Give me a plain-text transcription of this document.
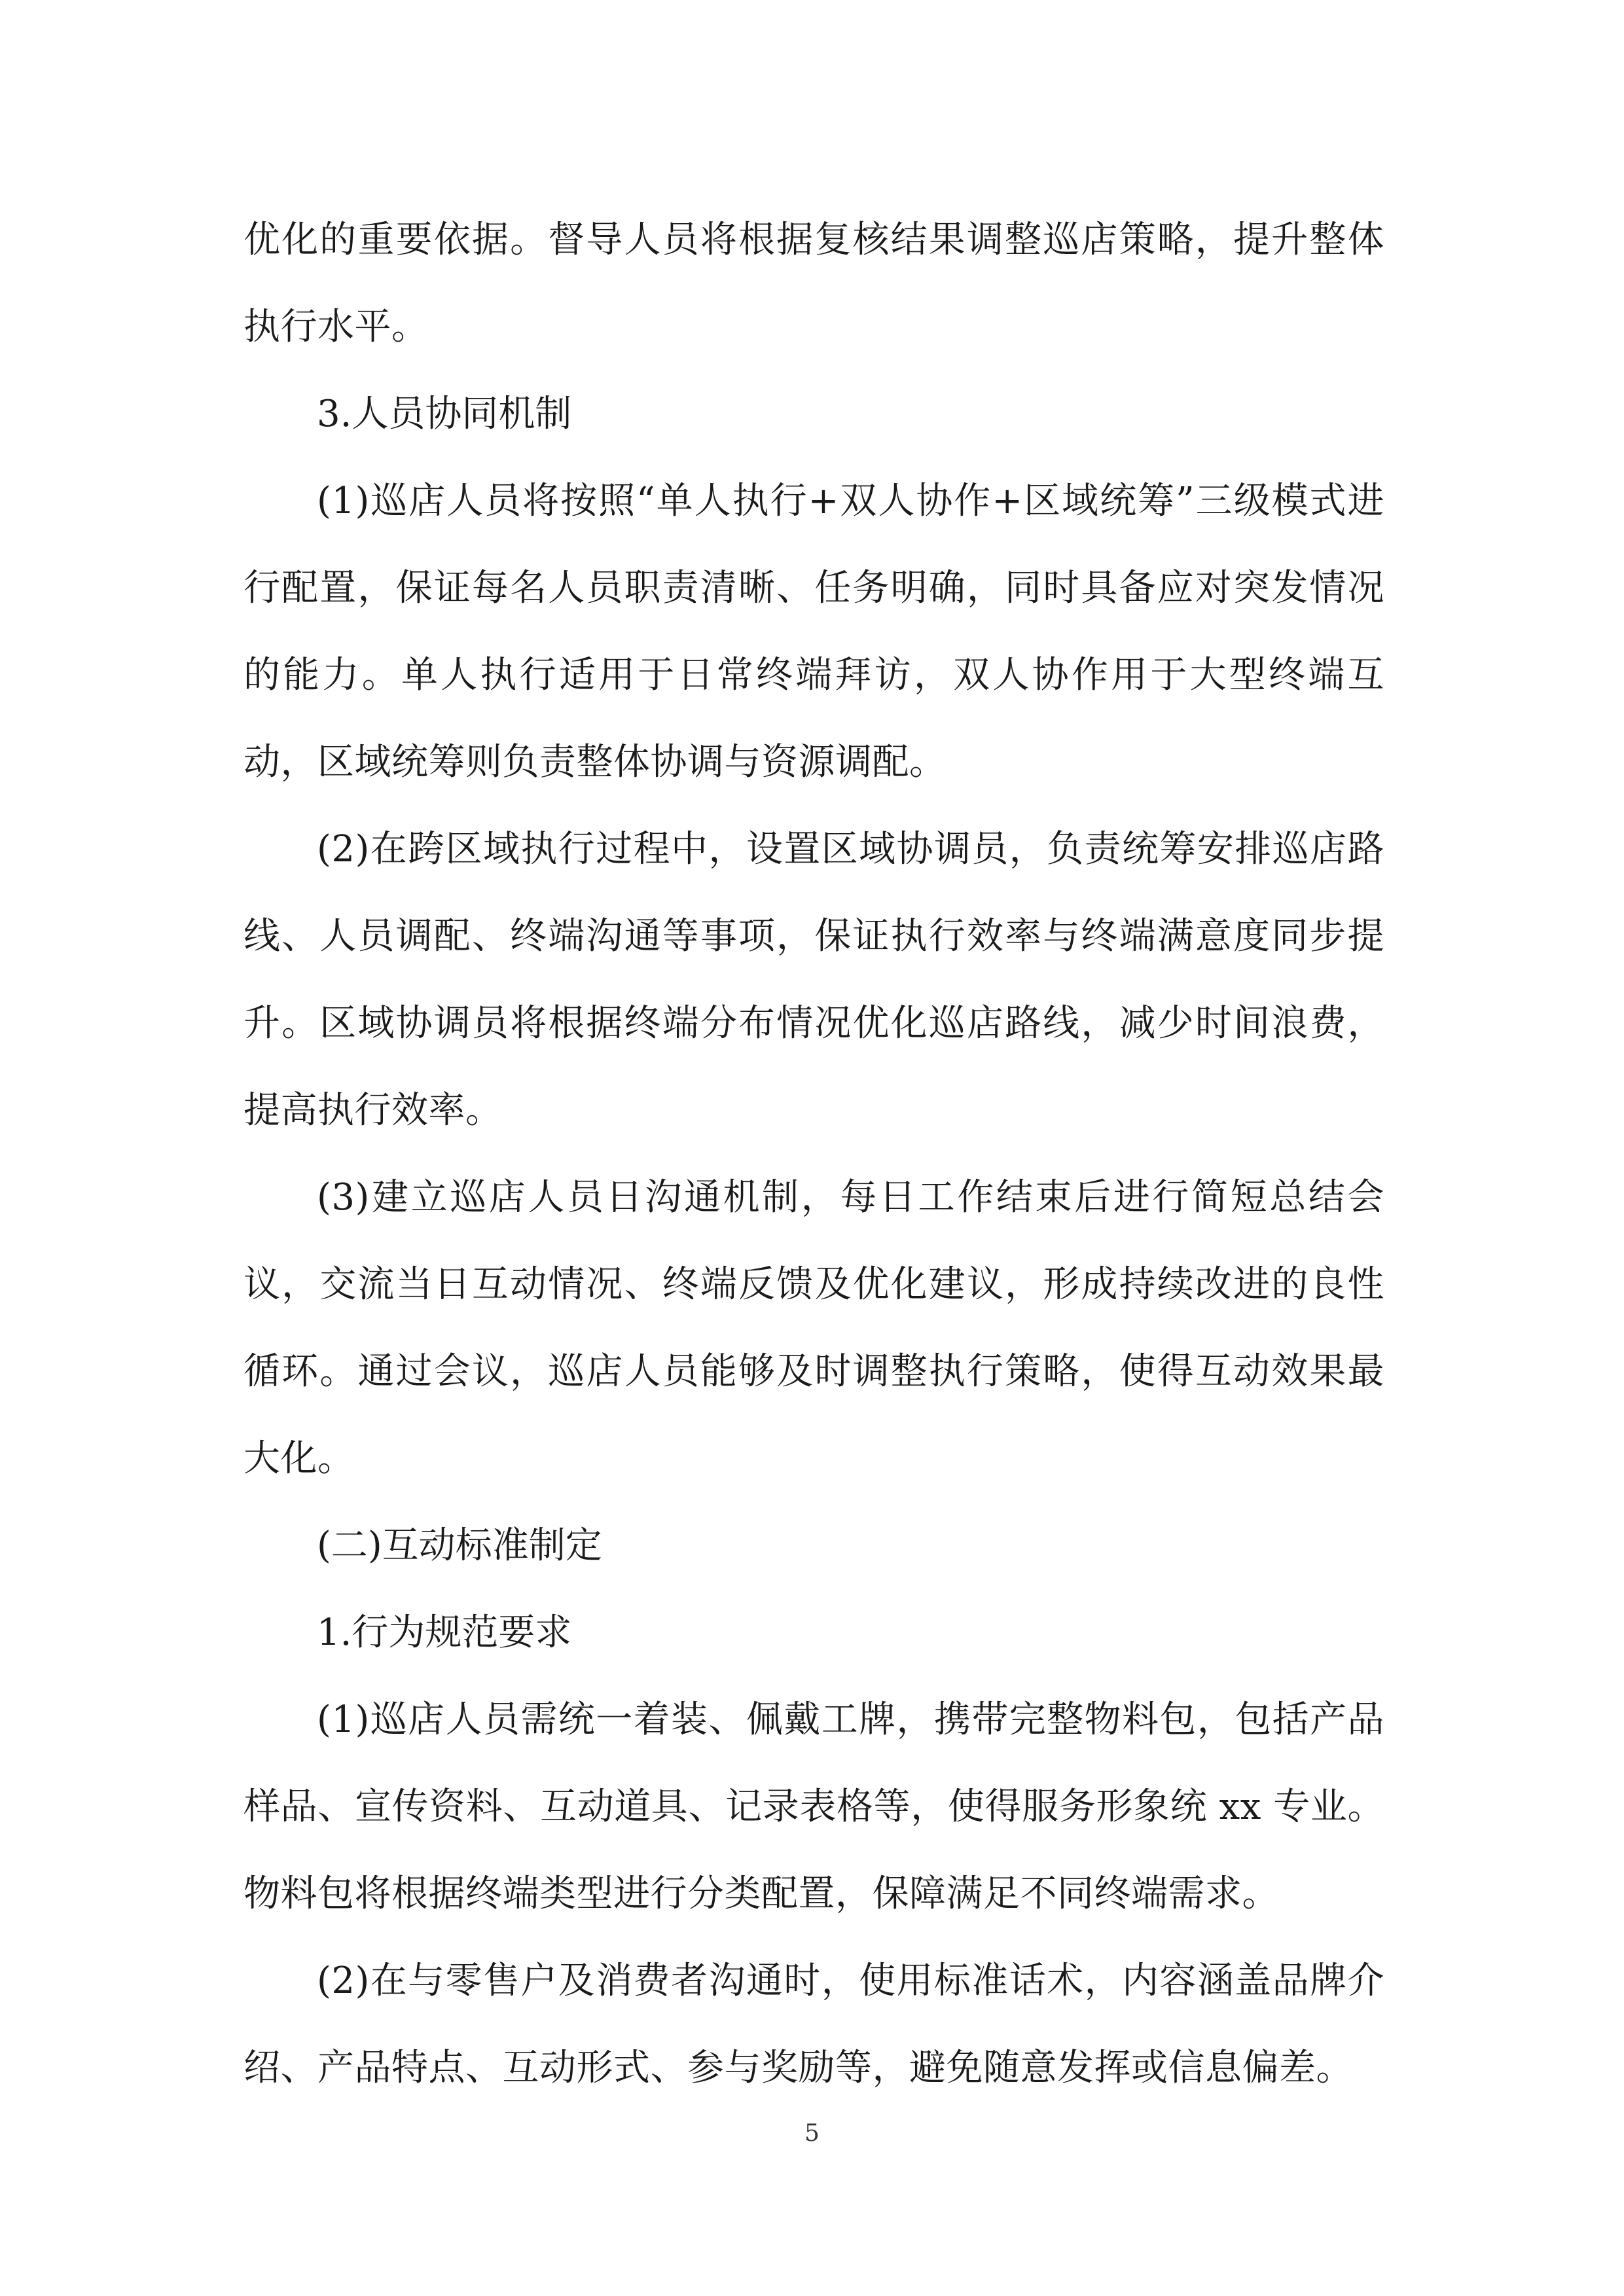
优化的重要依据。督导人员将根据复核结果调整巡店策略，提升整体执行水平。

3.人员协同机制

(1)巡店人员将按照“单人执行+双人协作+区域统筹”三级模式进行配置，保证每名人员职责清晰、任务明确，同时具备应对突发情况的能力。单人执行适用于日常终端拜访，双人协作用于大型终端互动，区域统筹则负责整体协调与资源调配。

(2)在跨区域执行过程中，设置区域协调员，负责统筹安排巡店路线、人员调配、终端沟通等事项，保证执行效率与终端满意度同步提升。区域协调员将根据终端分布情况优化巡店路线，减少时间浪费，提高执行效率。

(3)建立巡店人员日沟通机制，每日工作结束后进行简短总结会议，交流当日互动情况、终端反馈及优化建议，形成持续改进的良性循环。通过会议，巡店人员能够及时调整执行策略，使得互动效果最大化。

(二)互动标准制定

1.行为规范要求

(1)巡店人员需统一着装、佩戴工牌，携带完整物料包，包括产品样品、宣传资料、互动道具、记录表格等，使得服务形象统 xx 专业。物料包将根据终端类型进行分类配置，保障满足不同终端需求。

(2)在与零售户及消费者沟通时，使用标准话术，内容涵盖品牌介绍、产品特点、互动形式、参与奖励等，避免随意发挥或信息偏差。

5
